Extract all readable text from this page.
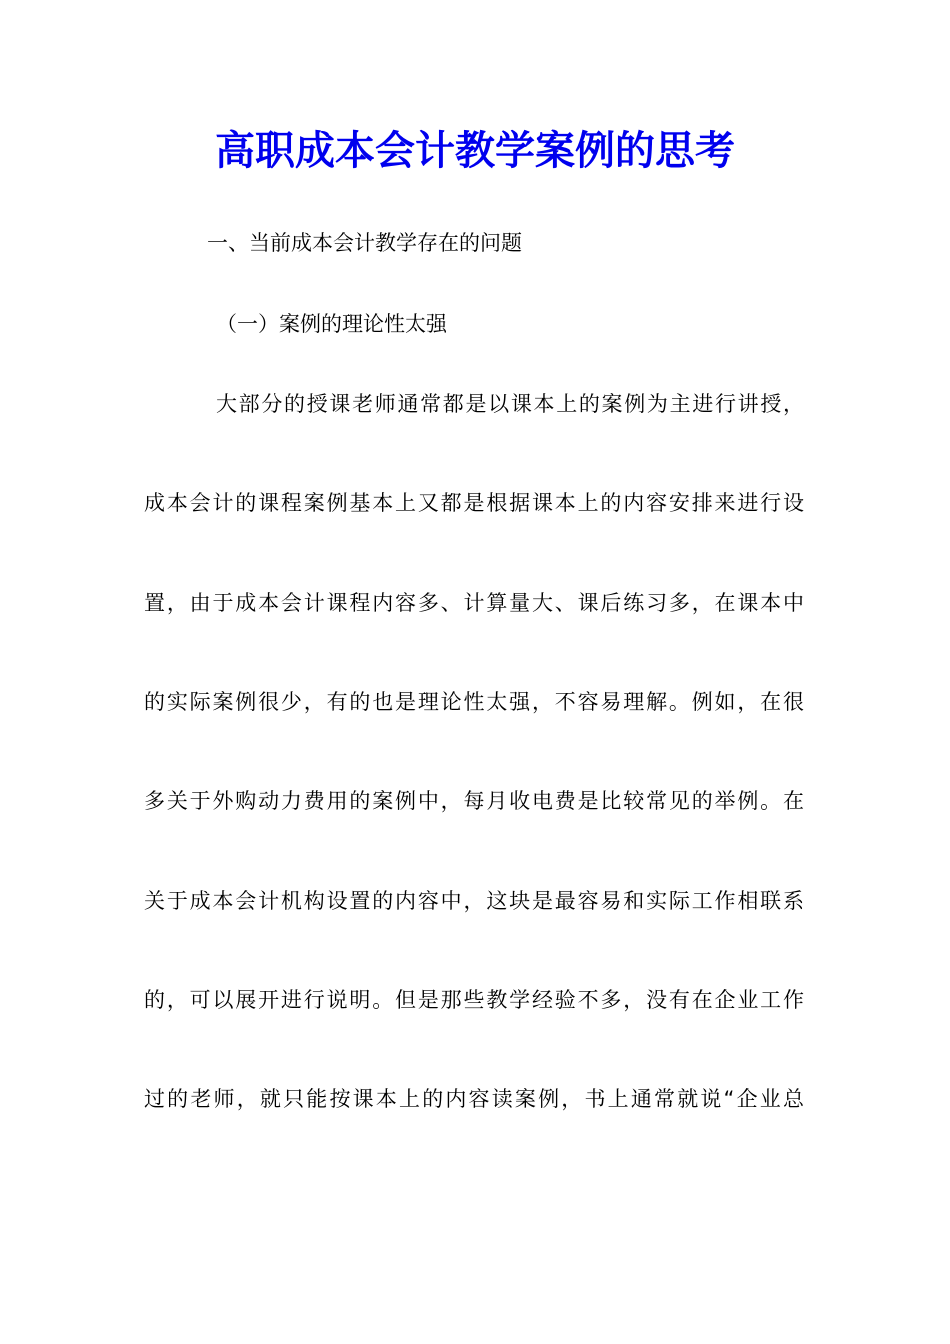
高职成本会计教学案例的思考
一、当前成本会计教学存在的问题
（一）案例的理论性太强
大部分的授课老师通常都是以课本上的案例为主进行讲授，
成本会计的课程案例基本上又都是根据课本上的内容安排来进行设
置，由于成本会计课程内容多、计算量大、课后练习多，在课本中
的实际案例很少，有的也是理论性太强，不容易理解。例如，在很
多关于外购动力费用的案例中，每月收电费是比较常见的举例。在
关于成本会计机构设置的内容中，这块是最容易和实际工作相联系
的，可以展开进行说明。但是那些教学经验不多，没有在企业工作
过的老师，就只能按课本上的内容读案例，书上通常就说“企业总
